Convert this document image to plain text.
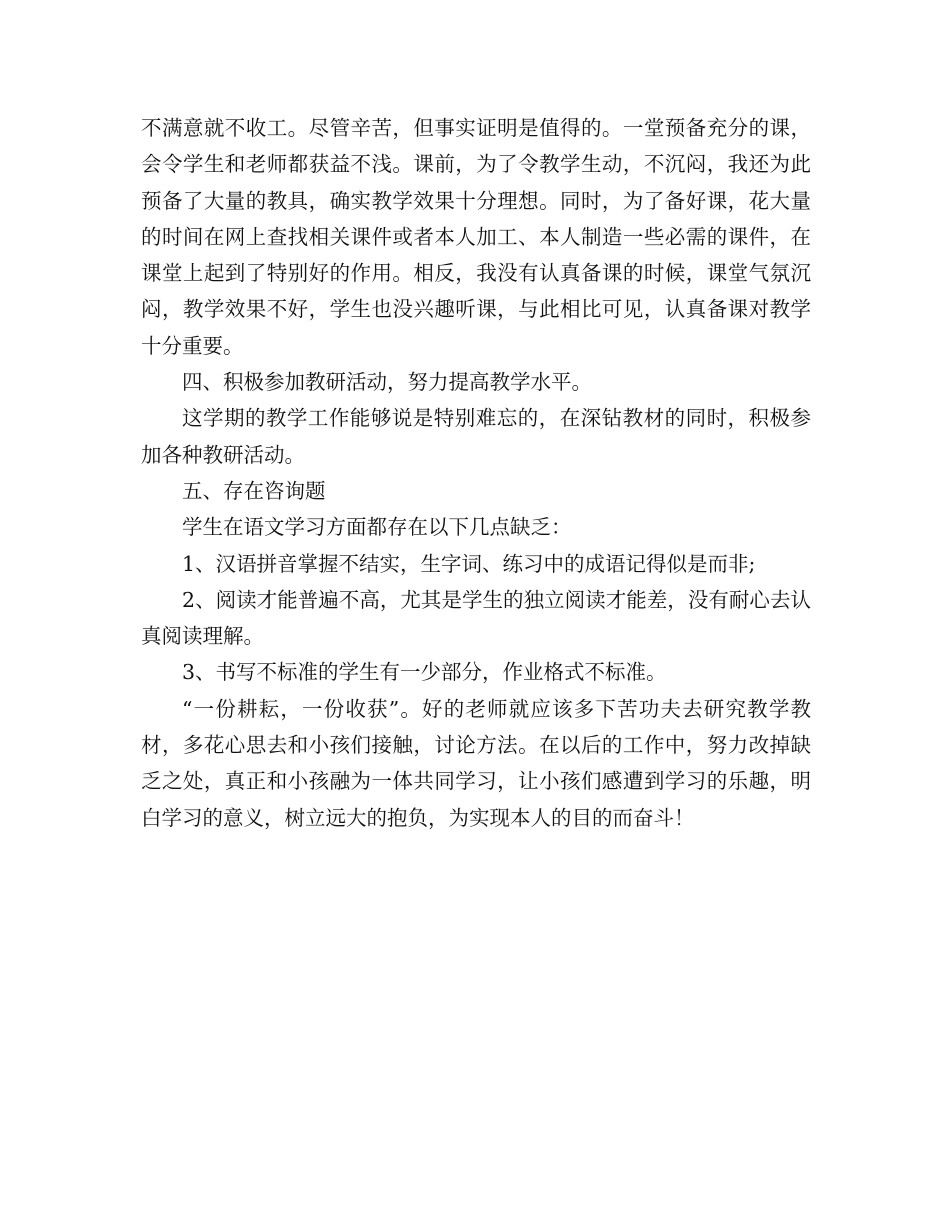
不满意就不收工。尽管辛苦，但事实证明是值得的。一堂预备充分的课，会令学生和老师都获益不浅。课前，为了令教学生动，不沉闷，我还为此预备了大量的教具，确实教学效果十分理想。同时，为了备好课，花大量的时间在网上查找相关课件或者本人加工、本人制造一些必需的课件，在课堂上起到了特别好的作用。相反，我没有认真备课的时候，课堂气氛沉闷，教学效果不好，学生也没兴趣听课，与此相比可见，认真备课对教学十分重要。

四、积极参加教研活动，努力提高教学水平。

这学期的教学工作能够说是特别难忘的，在深钻教材的同时，积极参加各种教研活动。

五、存在咨询题

学生在语文学习方面都存在以下几点缺乏：

1、汉语拼音掌握不结实，生字词、练习中的成语记得似是而非;

2、阅读才能普遍不高，尤其是学生的独立阅读才能差，没有耐心去认真阅读理解。

3、书写不标准的学生有一少部分，作业格式不标准。

“一份耕耘，一份收获”。好的老师就应该多下苦功夫去研究教学教材，多花心思去和小孩们接触，讨论方法。在以后的工作中，努力改掉缺乏之处，真正和小孩融为一体共同学习，让小孩们感遭到学习的乐趣，明白学习的意义，树立远大的抱负，为实现本人的目的而奋斗！
